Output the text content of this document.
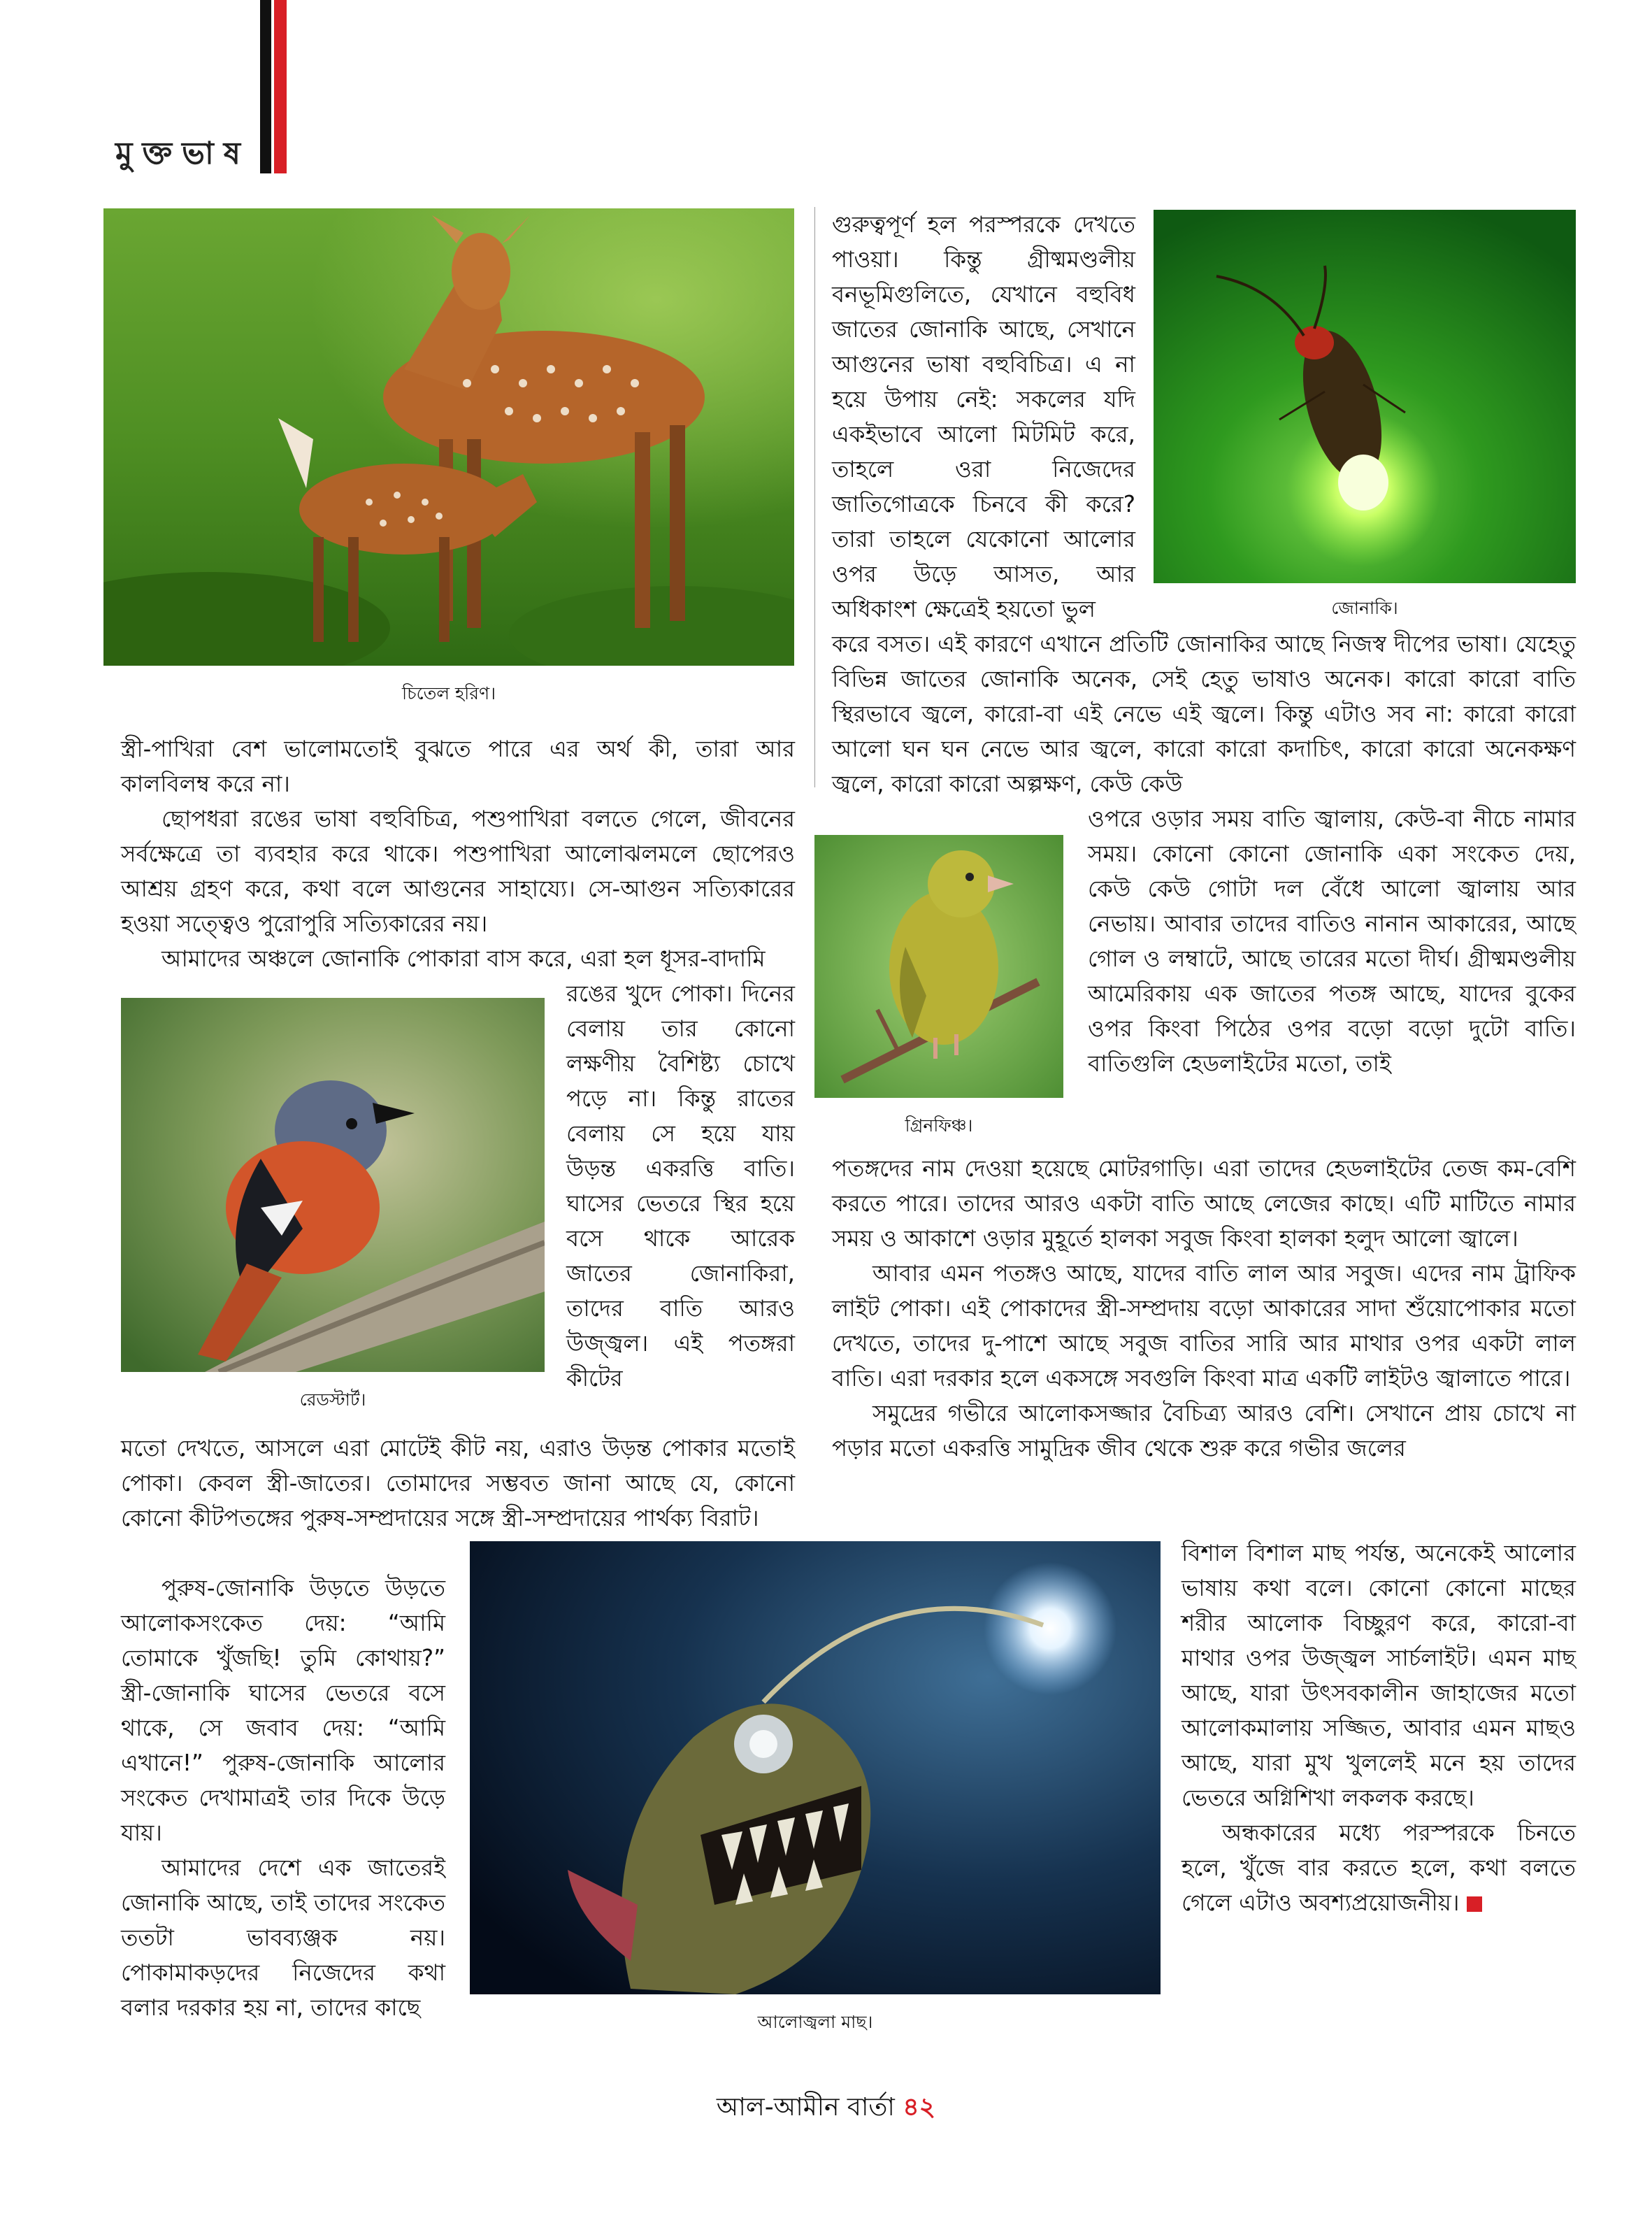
মুক্তভাষ
চিতেল হরিণ।
জোনাকি।
গ্রিনফিঞ্চ।
রেডস্টার্ট।
আলোজ্বলা মাছ।

গুরুত্বপূর্ণ হল পরস্পরকে দেখতে পাওয়া। কিন্তু গ্রীষ্মমণ্ডলীয় বনভূমিগুলিতে, যেখানে বহুবিধ জাতের জোনাকি আছে, সেখানে আগুনের ভাষা বহুবিচিত্র। এ না হয়ে উপায় নেই: সকলের যদি একইভাবে আলো মিটমিট করে, তাহলে ওরা নিজেদের জাতিগোত্রকে চিনবে কী করে? তারা তাহলে যেকোনো আলোর ওপর উড়ে আসত, আর অধিকাংশ ক্ষেত্রেই হয়তো ভুল

করে বসত। এই কারণে এখানে প্রতিটি জোনাকির আছে নিজস্ব দীপের ভাষা। যেহেতু বিভিন্ন জাতের জোনাকি অনেক, সেই হেতু ভাষাও অনেক। কারো কারো বাতি স্থিরভাবে জ্বলে, কারো-বা এই নেভে এই জ্বলে। কিন্তু এটাও সব না: কারো কারো আলো ঘন ঘন নেভে আর জ্বলে, কারো কারো কদাচিৎ, কারো কারো অনেকক্ষণ জ্বলে, কারো কারো অল্পক্ষণ, কেউ কেউ

ওপরে ওড়ার সময় বাতি জ্বালায়, কেউ-বা নীচে নামার সময়। কোনো কোনো জোনাকি একা সংকেত দেয়, কেউ কেউ গোটা দল বেঁধে আলো জ্বালায় আর নেভায়। আবার তাদের বাতিও নানান আকারের, আছে গোল ও লম্বাটে, আছে তারের মতো দীর্ঘ। গ্রীষ্মমণ্ডলীয় আমেরিকায় এক জাতের পতঙ্গ আছে, যাদের বুকের ওপর কিংবা পিঠের ওপর বড়ো বড়ো দুটো বাতি। বাতিগুলি হেডলাইটের মতো, তাই

পতঙ্গদের নাম দেওয়া হয়েছে মোটরগাড়ি। এরা তাদের হেডলাইটের তেজ কম-বেশি করতে পারে। তাদের আরও একটা বাতি আছে লেজের কাছে। এটি মাটিতে নামার সময় ও আকাশে ওড়ার মুহূর্তে হালকা সবুজ কিংবা হালকা হলুদ আলো জ্বালে।

আবার এমন পতঙ্গও আছে, যাদের বাতি লাল আর সবুজ। এদের নাম ট্রাফিক লাইট পোকা। এই পোকাদের স্ত্রী-সম্প্রদায় বড়ো আকারের সাদা শুঁয়োপোকার মতো দেখতে, তাদের দু-পাশে আছে সবুজ বাতির সারি আর মাথার ওপর একটা লাল বাতি। এরা দরকার হলে একসঙ্গে সবগুলি কিংবা মাত্র একটি লাইটও জ্বালাতে পারে।

সমুদ্রের গভীরে আলোকসজ্জার বৈচিত্র্য আরও বেশি। সেখানে প্রায় চোখে না পড়ার মতো একরত্তি সামুদ্রিক জীব থেকে শুরু করে গভীর জলের

বিশাল বিশাল মাছ পর্যন্ত, অনেকেই আলোর ভাষায় কথা বলে। কোনো কোনো মাছের শরীর আলোক বিচ্ছুরণ করে, কারো-বা মাথার ওপর উজ্জ্বল সার্চলাইট। এমন মাছ আছে, যারা উৎসবকালীন জাহাজের মতো আলোকমালায় সজ্জিত, আবার এমন মাছও আছে, যারা মুখ খুললেই মনে হয় তাদের ভেতরে অগ্নিশিখা লকলক করছে।

অন্ধকারের মধ্যে পরস্পরকে চিনতে হলে, খুঁজে বার করতে হলে, কথা বলতে গেলে এটাও অবশ্যপ্রয়োজনীয়।

স্ত্রী-পাখিরা বেশ ভালোমতোই বুঝতে পারে এর অর্থ কী, তারা আর কালবিলম্ব করে না।

ছোপধরা রঙের ভাষা বহুবিচিত্র, পশুপাখিরা বলতে গেলে, জীবনের সর্বক্ষেত্রে তা ব্যবহার করে থাকে। পশুপাখিরা আলোঝলমলে ছোপেরও আশ্রয় গ্রহণ করে, কথা বলে আগুনের সাহায্যে। সে-আগুন সত্যিকারের হওয়া সত্ত্বেও পুরোপুরি সত্যিকারের নয়।

আমাদের অঞ্চলে জোনাকি পোকারা বাস করে, এরা হল ধূসর-বাদামি

রঙের খুদে পোকা। দিনের বেলায় তার কোনো লক্ষণীয় বৈশিষ্ট্য চোখে পড়ে না। কিন্তু রাতের বেলায় সে হয়ে যায় উড়ন্ত একরত্তি বাতি। ঘাসের ভেতরে স্থির হয়ে বসে থাকে আরেক জাতের জোনাকিরা, তাদের বাতি আরও উজ্জ্বল। এই পতঙ্গরা কীটের

মতো দেখতে, আসলে এরা মোটেই কীট নয়, এরাও উড়ন্ত পোকার মতোই পোকা। কেবল স্ত্রী-জাতের। তোমাদের সম্ভবত জানা আছে যে, কোনো কোনো কীটপতঙ্গের পুরুষ-সম্প্রদায়ের সঙ্গে স্ত্রী-সম্প্রদায়ের পার্থক্য বিরাট।

পুরুষ-জোনাকি উড়তে উড়তে আলোকসংকেত দেয়: “আমি তোমাকে খুঁজছি! তুমি কোথায়?” স্ত্রী-জোনাকি ঘাসের ভেতরে বসে থাকে, সে জবাব দেয়: “আমি এখানে!” পুরুষ-জোনাকি আলোর সংকেত দেখামাত্রই তার দিকে উড়ে যায়।

আমাদের দেশে এক জাতেরই জোনাকি আছে, তাই তাদের সংকেত ততটা ভাবব্যঞ্জক নয়। পোকামাকড়দের নিজেদের কথা বলার দরকার হয় না, তাদের কাছে

আল-আমীন বার্তা ৪২
